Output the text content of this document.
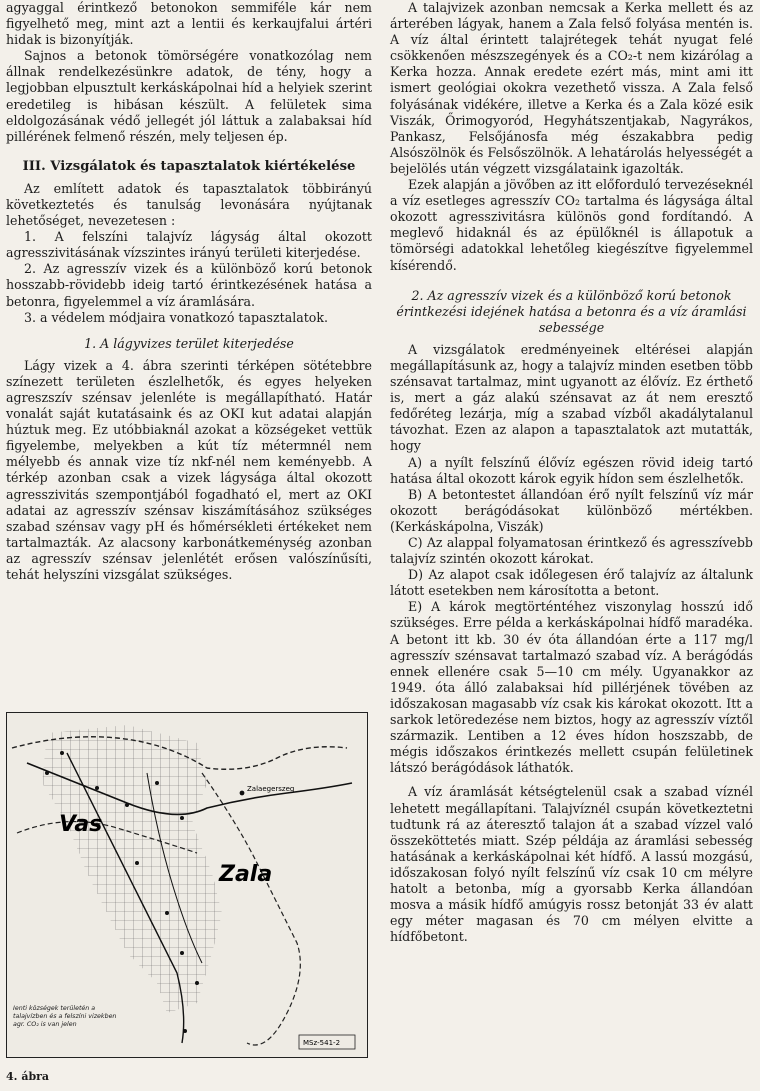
agyaggal érintkező betonokon semmiféle kár nem figyelhető meg, mint azt a lentii és kerkaujfalui ártéri hidak is bizonyítják.

Sajnos a betonok tömörségére vonatkozólag nem állnak rendelkezésünkre adatok, de tény, hogy a legjobban elpusztult kerkáskápolnai híd a helyiek szerint eredetileg is hibásan készült. A felületek sima eldolgozásának védő jellegét jól láttuk a zalabaksai híd pillérének felmenő részén, mely teljesen ép.

III. Vizsgálatok és tapasztalatok kiértékelése

Az említett adatok és tapasztalatok többirányú következtetés és tanulság levonására nyújtanak lehetőséget, nevezetesen :

1. A felszíni talajvíz lágyság által okozott agresszivitásának vízszintes irányú területi kiterjedése.

2. Az agresszív vizek és a különböző korú betonok hosszabb-rövidebb ideig tartó érintkezésének hatása a betonra, figyelemmel a víz áramlására.

3. a védelem módjaira vonatkozó tapasztalatok.

1. A lágyvizes terület kiterjedése

Lágy vizek a 4. ábra szerinti térképen sötétebbre színezett területen észlelhetők, és egyes helyeken agreszszív szénsav jelenléte is megállapítható. Határ vonalát saját kutatásaink és az OKI kut adatai alapján húztuk meg. Ez utóbbiaknál azokat a községeket vettük figyelembe, melyekben a kút tíz métermnél nem mélyebb és annak vize tíz nkf-nél nem keményebb. A térkép azonban csak a vizek lágysága által okozott agresszivitás szempontjából fogadható el, mert az OKI adatai az agresszív szénsav kiszámításához szükséges szabad szénsav vagy pH és hőmérsékleti értékeket nem tartalmazták. Az alacsony karbonátkeménység azonban az agresszív szénsav jelenlétét erősen valószínűsíti, tehát helyszíni vizsgálat szükséges.

Vas
Zala
Zalaegerszeg
MSz-541-2
Ienti községek területén a talajvízben és a felszíni vizekben agr. CO₂ is van jelen
4. ábra

A talajvizek azonban nemcsak a Kerka mellett és az árterében lágyak, hanem a Zala felső folyása mentén is. A víz által érintett talajrétegek tehát nyugat felé csökkenően mészszegények és a CO₂-t nem kizárólag a Kerka hozza. Annak eredete ezért más, mint ami itt ismert geológiai okokra vezethető vissza. A Zala felső folyásának vidékére, illetve a Kerka és a Zala közé esik Viszák, Őrimogyoród, Hegyhátszentjakab, Nagyrákos, Pankasz, Felsőjánosfa még északabbra pedig Alsószölnök és Felsőszölnök. A lehatárolás helyességét a bejelölés után végzett vizsgálataink igazolták.

Ezek alapján a jövőben az itt előforduló tervezéseknél a víz esetleges agresszív CO₂ tartalma és lágysága által okozott agresszivitásra különös gond fordítandó. A meglevő hidaknál és az épülőknél is állapotuk a tömörségi adatokkal lehetőleg kiegészítve figyelemmel kísérendő.

2. Az agresszív vizek és a különböző korú betonok érintkezési idejének hatása a betonra és a víz áramlási sebessége

A vizsgálatok eredményeinek eltérései alapján megállapításunk az, hogy a talajvíz minden esetben több szénsavat tartalmaz, mint ugyanott az élővíz. Ez érthető is, mert a gáz alakú szénsavat az át nem eresztő fedőréteg lezárja, míg a szabad vízből akadálytalanul távozhat. Ezen az alapon a tapasztalatok azt mutatták, hogy

A) a nyílt felszínű élővíz egészen rövid ideig tartó hatása által okozott károk egyik hídon sem észlelhetők.

B) A betontestet állandóan érő nyílt felszínű víz már okozott berágódásokat különböző mértékben. (Kerkáskápolna, Viszák)

C) Az alappal folyamatosan érintkező és agresszívebb talajvíz szintén okozott károkat.

D) Az alapot csak időlegesen érő talajvíz az általunk látott esetekben nem károsította a betont.

E) A károk megtörténtéhez viszonylag hosszú idő szükséges. Erre példa a kerkáskápolnai hídfő maradéka. A betont itt kb. 30 év óta állandóan érte a 117 mg/l agresszív szénsavat tartalmazó szabad víz. A berágódás ennek ellenére csak 5—10 cm mély. Ugyanakkor az 1949. óta álló zalabaksai híd pillérjének tövében az időszakosan magasabb víz csak kis károkat okozott. Itt a sarkok letöredezése nem biztos, hogy az agresszív víztől származik. Lentiben a 12 éves hídon hoszszabb, de mégis időszakos érintkezés mellett csupán felületinek látszó berágódások láthatók.

A víz áramlását kétségtelenül csak a szabad víznél lehetett megállapítani. Talajvíznél csupán következtetni tudtunk rá az áteresztő talajon át a szabad vízzel való összeköttetés miatt. Szép példája az áramlási sebesség hatásának a kerkáskápolnai két hídfő. A lassú mozgású, időszakosan folyó nyílt felszínű víz csak 10 cm mélyre hatolt a betonba, míg a gyorsabb Kerka állandóan mosva a másik hídfő amúgyis rossz betonját 33 év alatt egy méter magasan és 70 cm mélyen elvitte a hídfőbetont.
